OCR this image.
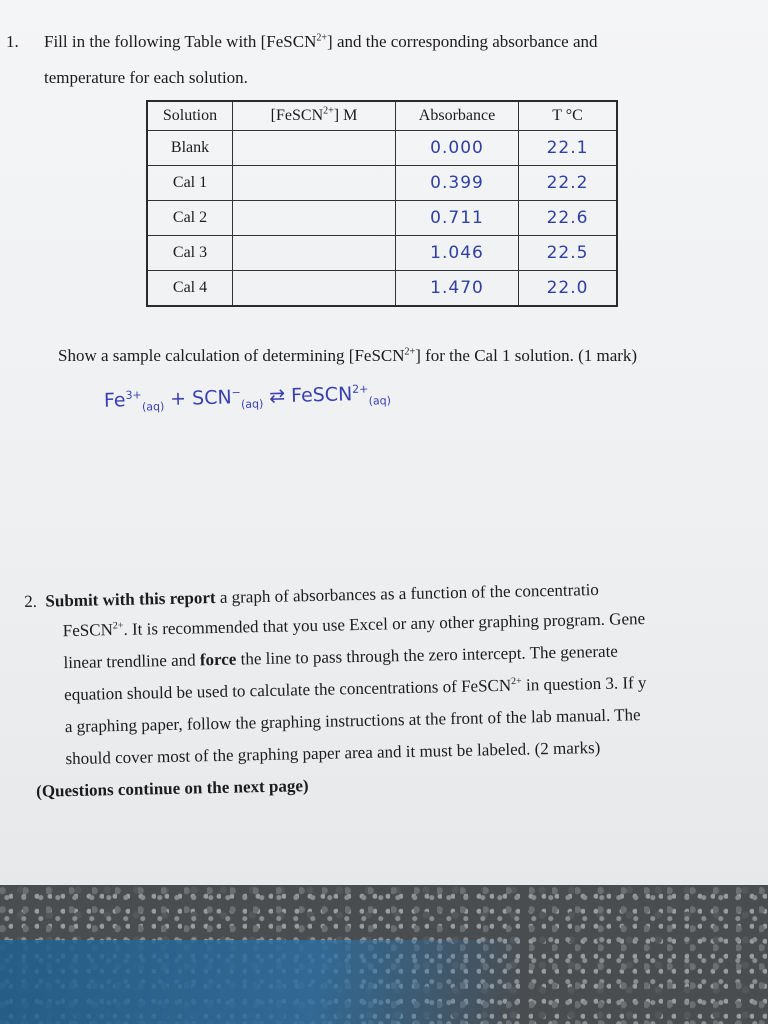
1. Fill in the following Table with [FeSCN$^{2+}$] and the corresponding absorbance and
temperature for each solution.
Solution	[FeSCN$^{2+}$] M	Absorbance	T °C
Blank		0.000	22.1
Cal 1		0.399	22.2
Cal 2		0.711	22.6
Cal 3		1.046	22.5
Cal 4		1.470	22.0
Show a sample calculation of determining [FeSCN$^{2+}$] for the Cal 1 solution. (1 mark)
$Fe^{3+}_{(aq)} + SCN^-_{(aq)}$ ⇄ FeSCN$^{2+}_{(aq)}$
2. Submit with this report a graph of absorbances as a function of the concentratio
FeSCN$^{2+}$. It is recommended that you use Excel or any other graphing program. Gene
linear trendline and force the line to pass through the zero intercept. The generate
equation should be used to calculate the concentrations of FeSCN$^{2+}$ in question 3. If y
a graphing paper, follow the graphing instructions at the front of the lab manual. The
should cover most of the graphing paper area and it must be labeled. (2 marks)
(Questions continue on the next page)
